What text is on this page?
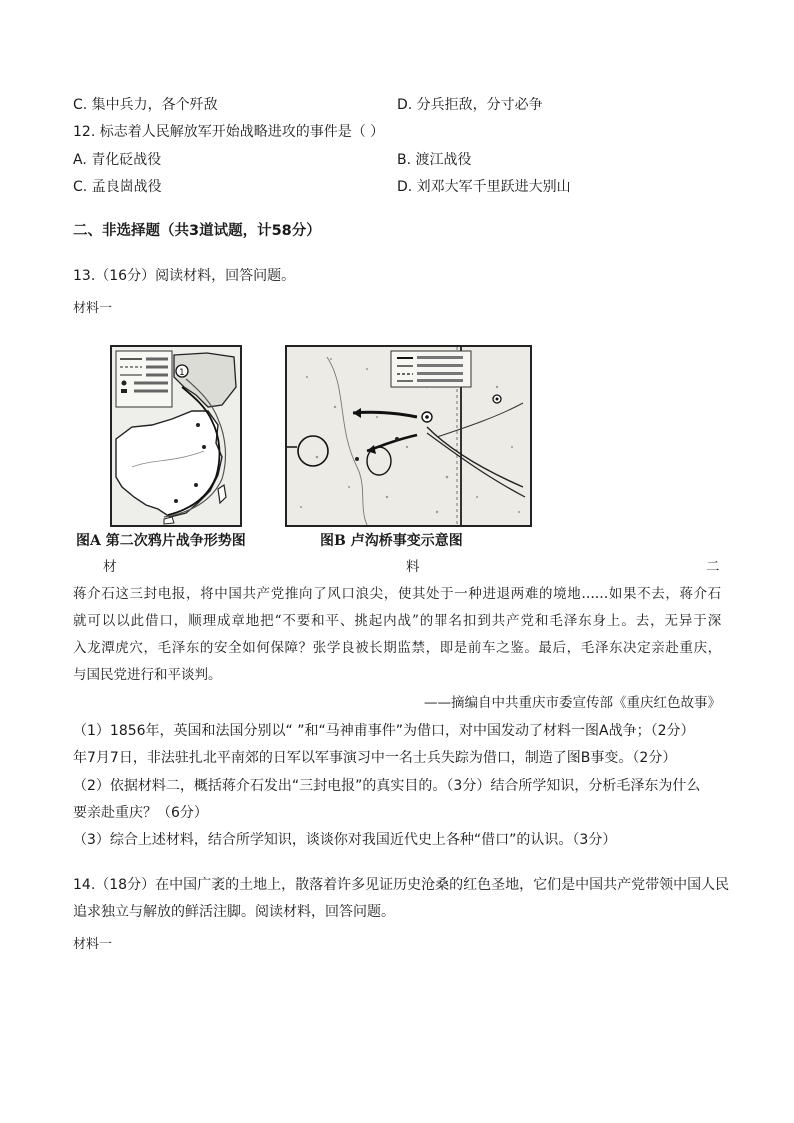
C. 集中兵力，各个歼敌	D. 分兵拒敌，分寸必争
12. 标志着人民解放军开始战略进攻的事件是（ ）
A. 青化砭战役	B. 渡江战役
C. 孟良崮战役	D. 刘邓大军千里跃进大别山
二、非选择题（共3道试题，计58分）
13.（16分）阅读材料，回答问题。
材料一
1
图A 第二次鸦片战争形势图	图B 卢沟桥事变示意图
材	料	二
蒋介石这三封电报，将中国共产党推向了风口浪尖，使其处于一种进退两难的境地……如果不去，蒋介石
就可以以此借口，顺理成章地把“不要和平、挑起内战”的罪名扣到共产党和毛泽东身上。去，无异于深
入龙潭虎穴，毛泽东的安全如何保障？张学良被长期监禁，即是前车之鉴。最后，毛泽东决定亲赴重庆，
与国民党进行和平谈判。
——摘编自中共重庆市委宣传部《重庆红色故事》
（1）1856年，英国和法国分别以“ ”和“马神甫事件”为借口，对中国发动了材料一图A战争；（2分）
年7月7日，非法驻扎北平南郊的日军以军事演习中一名士兵失踪为借口，制造了图B事变。（2分）
（2）依据材料二，概括蒋介石发出“三封电报”的真实目的。（3分）结合所学知识，分析毛泽东为什么
要亲赴重庆？（6分）
（3）综合上述材料，结合所学知识，谈谈你对我国近代史上各种“借口”的认识。（3分）
14.（18分）在中国广袤的土地上，散落着许多见证历史沧桑的红色圣地，它们是中国共产党带领中国人民
追求独立与解放的鲜活注脚。阅读材料，回答问题。
材料一
